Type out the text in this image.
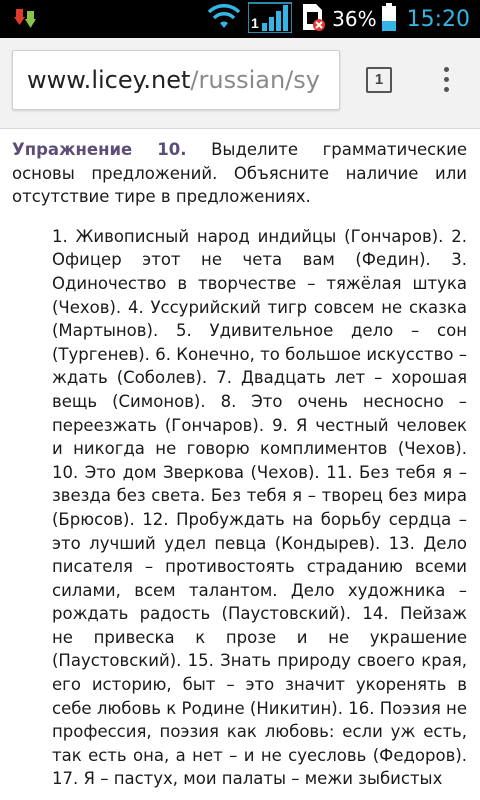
1	36% 15:20
www.licey.net/russian/sy	1

Упражнение 10. Выделите грамматические основы предложений. Объясните наличие или отсутствие тире в предложениях.

1. Живописный народ индийцы (Гончаров). 2. Офицер этот не чета вам (Федин). 3. Одиночество в творчестве – тяжёлая штука (Чехов). 4. Уссурийский тигр совсем не сказка (Мартынов). 5. Удивительное дело – сон (Тургенев). 6. Конечно, то большое искусство – ждать (Соболев). 7. Двадцать лет – хорошая вещь (Симонов). 8. Это очень несносно – переезжать (Гончаров). 9. Я честный человек и никогда не говорю комплиментов (Чехов). 10. Это дом Зверкова (Чехов). 11. Без тебя я – звезда без света. Без тебя я – творец без мира (Брюсов). 12. Пробуждать на борьбу сердца – это лучший удел певца (Кондырев). 13. Дело писателя – противостоять страданию всеми силами, всем талантом. Дело художника – рождать радость (Паустовский). 14. Пейзаж не привеска к прозе и не украшение (Паустовский). 15. Знать природу своего края, его историю, быт – это значит укоренять в себе любовь к Родине (Никитин). 16. Поэзия не профессия, поэзия как любовь: если уж есть, так есть она, а нет – и не суесловь (Федоров). 17. Я – пастух, мои палаты – межи зыбистых
